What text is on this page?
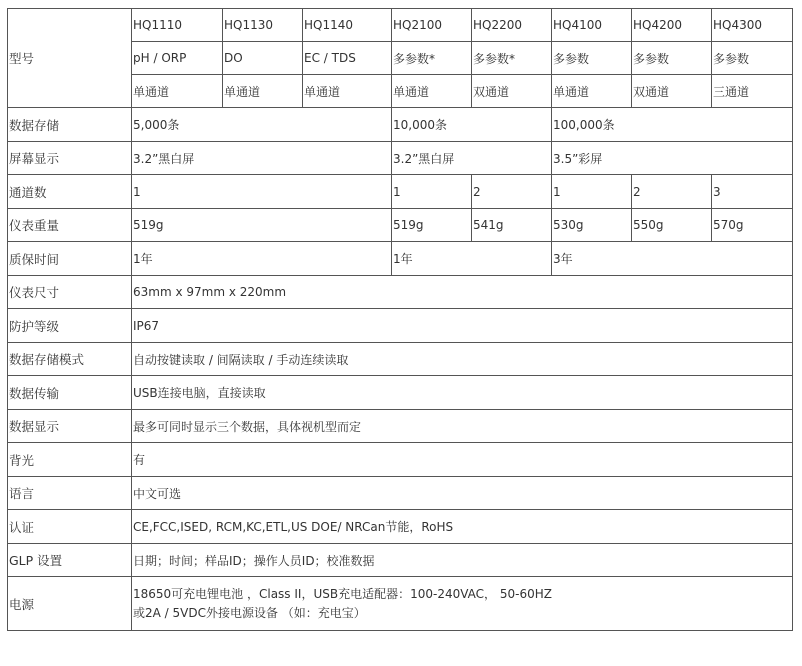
型号	HQ1110	HQ1130	HQ1140	HQ2100	HQ2200	HQ4100	HQ4200	HQ4300
	pH / ORP	DO	EC / TDS	多参数*	多参数*	多参数	多参数	多参数
	单通道	单通道	单通道	单通道	双通道	单通道	双通道	三通道
数据存储	5,000条			10,000条		100,000条		
屏幕显示	3.2”黑白屏			3.2”黑白屏		3.5”彩屏		
通道数	1			1	2	1	2	3
仪表重量	519g			519g	541g	530g	550g	570g
质保时间	1年			1年		3年		
仪表尺寸	63mm x 97mm x 220mm							
防护等级	IP67							
数据存储模式	自动按键读取 / 间隔读取 / 手动连续读取							
数据传输	USB连接电脑，直接读取							
数据显示	最多可同时显示三个数据，具体视机型而定							
背光	有							
语言	中文可选							
认证	CE,FCC,ISED, RCM,KC,ETL,US DOE/ NRCan节能，RoHS							
GLP 设置	日期；时间；样品ID；操作人员ID；校准数据							
电源	18650可充电锂电池 ，Class II，USB充电适配器：100-240VAC， 50-60HZ
或2A / 5VDC外接电源设备 （如：充电宝）							
